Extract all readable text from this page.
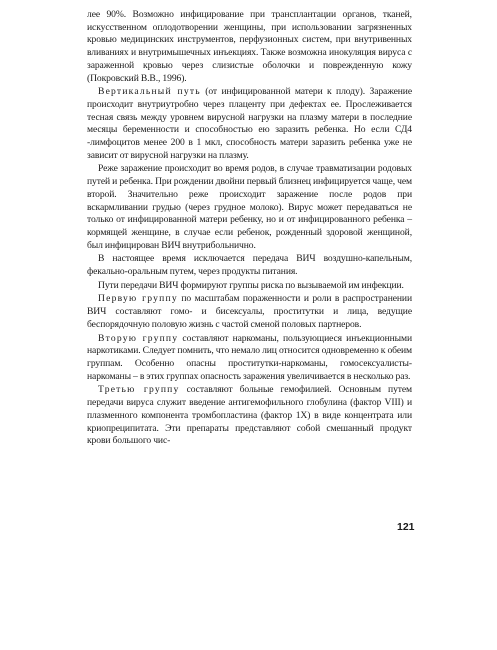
лее 90%. Возможно инфицирование при трансплантации органов, тканей, искусственном оплодотворении женщины, при использовании загрязненных кровью медицинских инструментов, перфузионных систем, при внутривенных вливаниях и внутримышечных инъекциях. Также возможна инокуляция вируса с зараженной кровью через слизистые оболочки и поврежденную кожу (Покровский В.В., 1996).

Вертикальный путь (от инфицированной матери к плоду). Заражение происходит внутриутробно через плаценту при дефектах ее. Прослеживается тесная связь между уровнем вирусной нагрузки на плазму матери в последние месяцы беременности и способностью ею заразить ребенка. Но если СД4 -лимфоцитов менее 200 в 1 мкл, способность матери заразить ребенка уже не зависит от вирусной нагрузки на плазму.

Реже заражение происходит во время родов, в случае травматизации родовых путей и ребенка. При рождении двойни первый близнец инфицируется чаще, чем второй. Значительно реже происходит заражение после родов при вскармливании грудью (через грудное молоко). Вирус может передаваться не только от инфицированной матери ребенку, но и от инфицированного ребенка – кормящей женщине, в случае если ребенок, рожденный здоровой женщиной, был инфицирован ВИЧ внутрибольнично.

В настоящее время исключается передача ВИЧ воздушно-капельным, фекально-оральным путем, через продукты питания.

Пути передачи ВИЧ формируют группы риска по вызываемой им инфекции.

Первую группу по масштабам пораженности и роли в распространении ВИЧ составляют гомо- и бисексуалы, проститутки и лица, ведущие беспорядочную половую жизнь с частой сменой половых партнеров.

Вторую группу составляют наркоманы, пользующиеся инъекционными наркотиками. Следует помнить, что немало лиц относится одновременно к обеим группам. Особенно опасны проститутки-наркоманы, гомосексуалисты-наркоманы – в этих группах опасность заражения увеличивается в несколько раз.

Третью группу составляют больные гемофилией. Основным путем передачи вируса служит введение антигемофильного глобулина (фактор VIII) и плазменного компонента тромбопластина (фактор 1X) в виде концентрата или криопреципитата. Эти препараты представляют собой смешанный продукт крови большого чис-

121
